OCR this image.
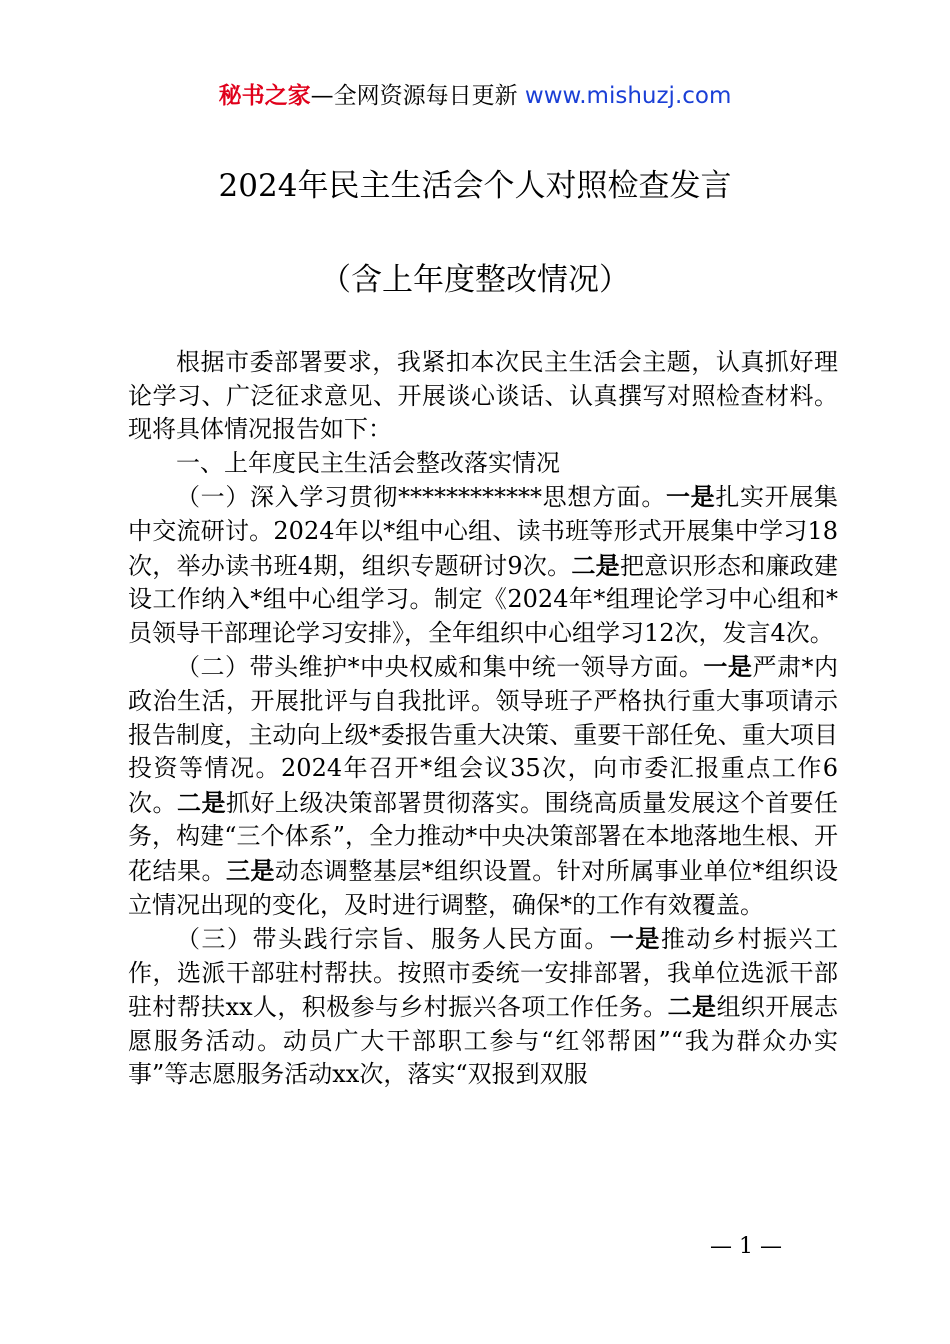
秘书之家—全网资源每日更新 www.mishuzj.com
2024年民主生活会个人对照检查发言
（含上年度整改情况）

根据市委部署要求，我紧扣本次民主生活会主题，认真抓好理论学习、广泛征求意见、开展谈心谈话、认真撰写对照检查材料。现将具体情况报告如下：

一、上年度民主生活会整改落实情况

（一）深入学习贯彻************思想方面。一是扎实开展集中交流研讨。2024年以*组中心组、读书班等形式开展集中学习18次，举办读书班4期，组织专题研讨9次。二是把意识形态和廉政建设工作纳入*组中心组学习。制定《2024年*组理论学习中心组和*员领导干部理论学习安排》，全年组织中心组学习12次，发言4次。

（二）带头维护*中央权威和集中统一领导方面。一是严肃*内政治生活，开展批评与自我批评。领导班子严格执行重大事项请示报告制度，主动向上级*委报告重大决策、重要干部任免、重大项目投资等情况。2024年召开*组会议35次，向市委汇报重点工作6次。二是抓好上级决策部署贯彻落实。围绕高质量发展这个首要任务，构建“三个体系”，全力推动*中央决策部署在本地落地生根、开花结果。三是动态调整基层*组织设置。针对所属事业单位*组织设立情况出现的变化，及时进行调整，确保*的工作有效覆盖。

（三）带头践行宗旨、服务人民方面。一是推动乡村振兴工作，选派干部驻村帮扶。按照市委统一安排部署，我单位选派干部驻村帮扶xx人，积极参与乡村振兴各项工作任务。二是组织开展志愿服务活动。动员广大干部职工参与“红邻帮困”“我为群众办实事”等志愿服务活动xx次，落实“双报到双服

— 1 —
